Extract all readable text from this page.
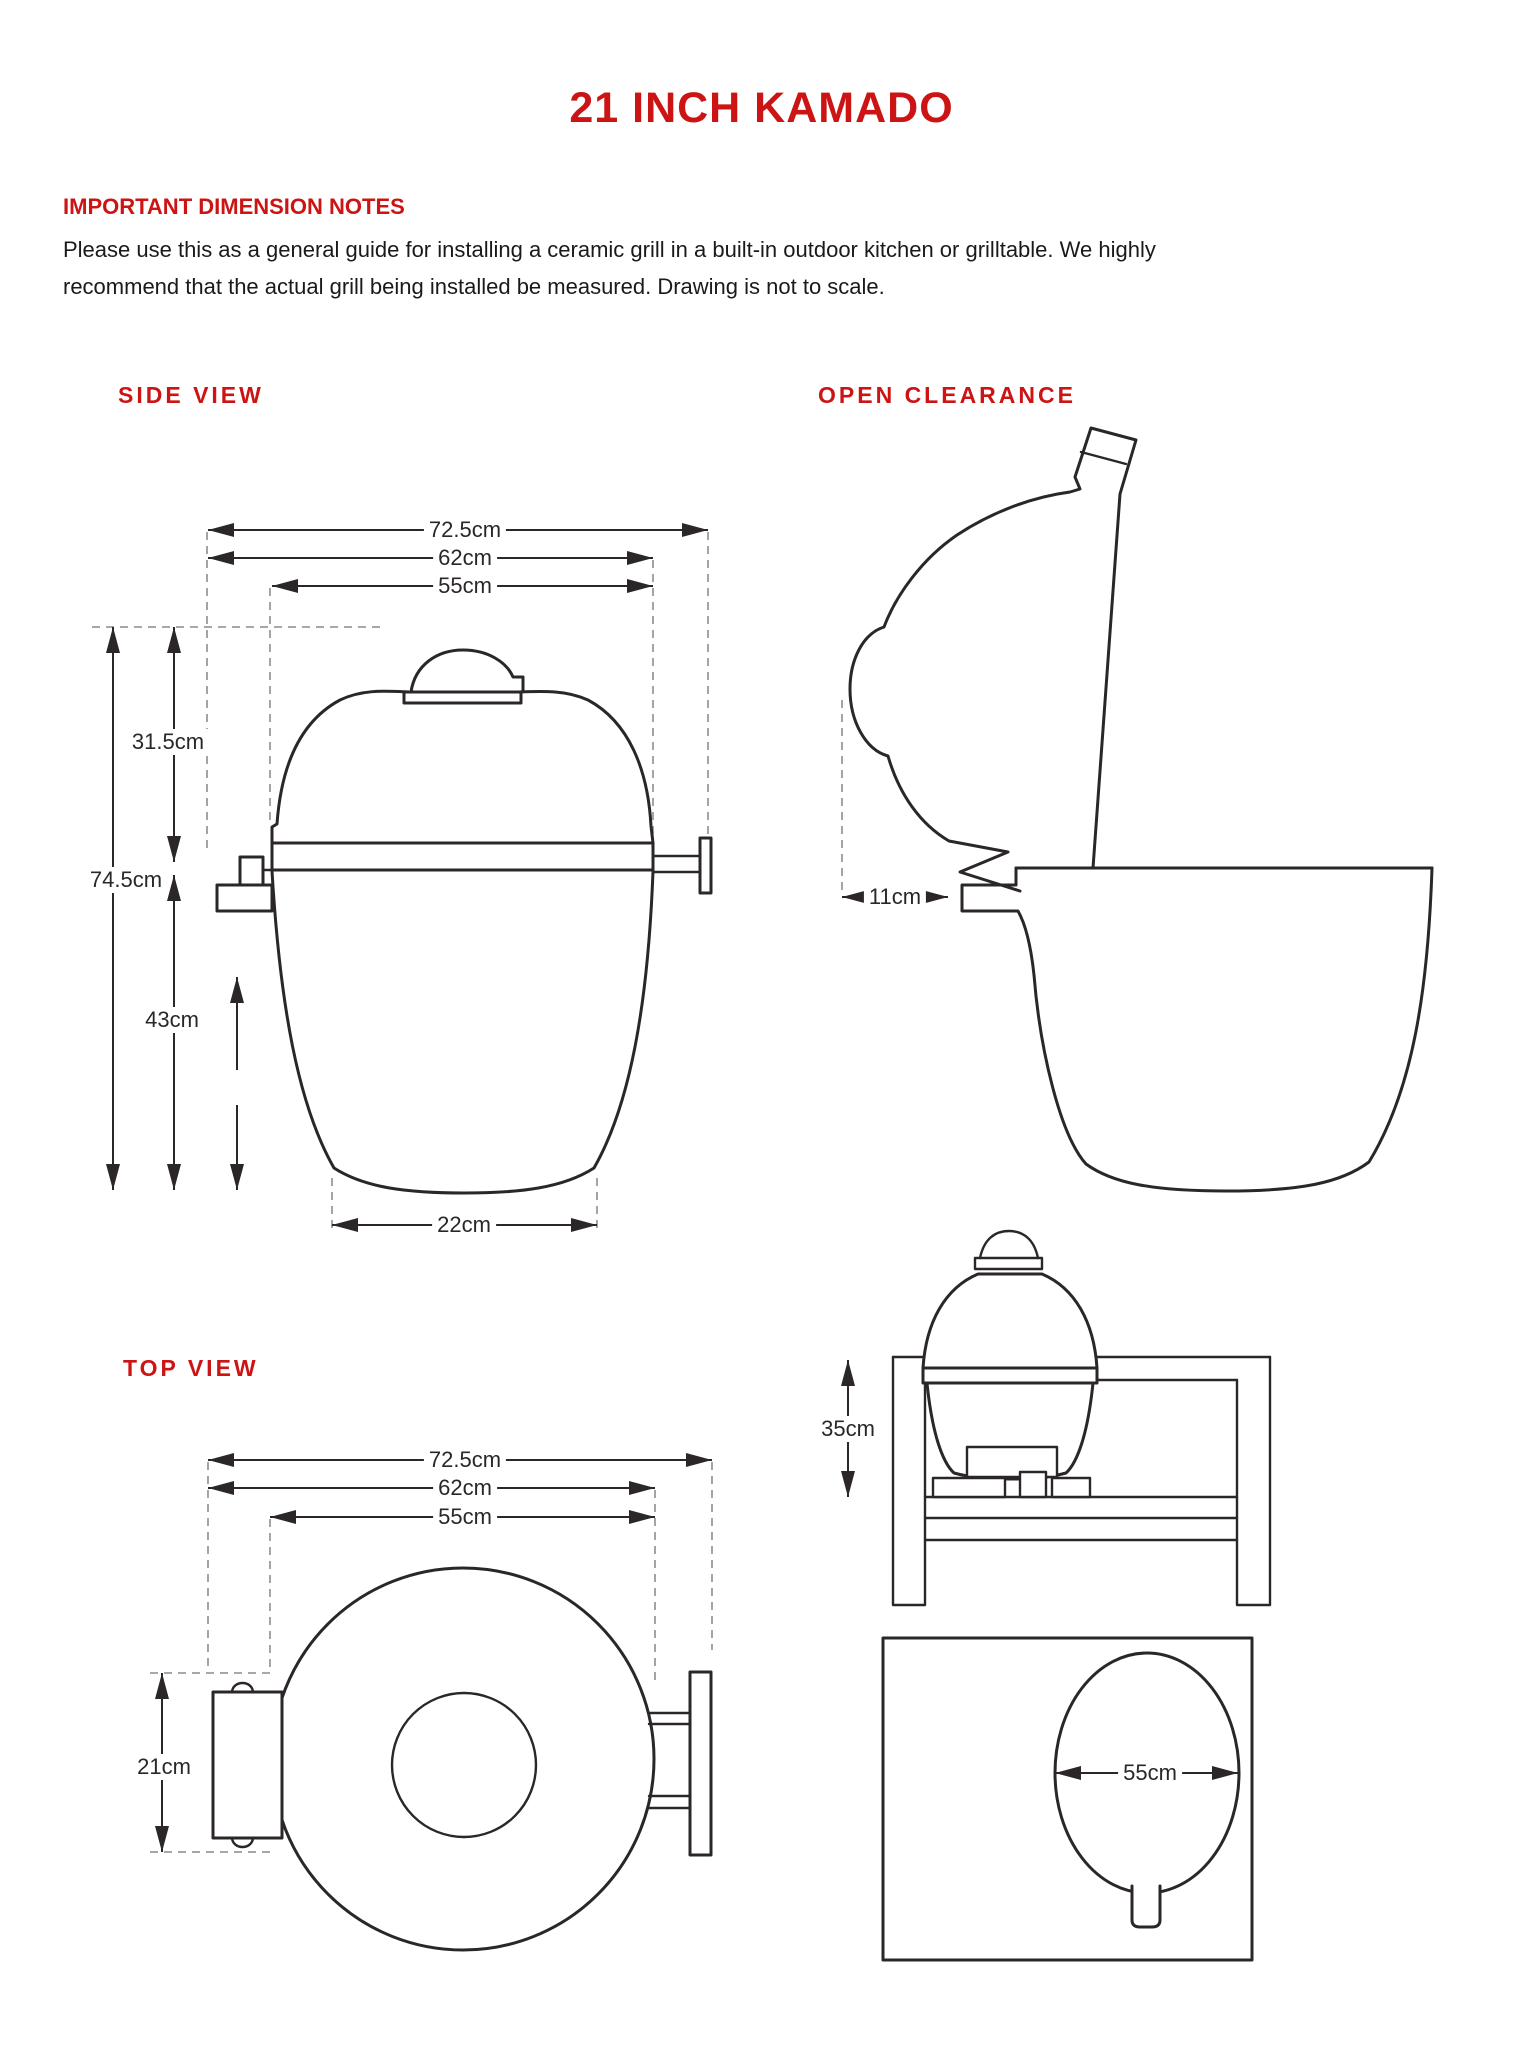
21 INCH KAMADO
IMPORTANT DIMENSION NOTES
Please use this as a general guide for installing a ceramic grill in a built-in outdoor kitchen or grilltable. We highly
recommend that the actual grill being installed be measured. Drawing is not to scale.
SIDE VIEW	OPEN CLEARANCE
TOP VIEW
72.5cm
62cm
55cm
31.5cm
74.5cm
43cm
22cm
11cm
72.5cm
62cm
55cm
21cm
35cm
55cm
